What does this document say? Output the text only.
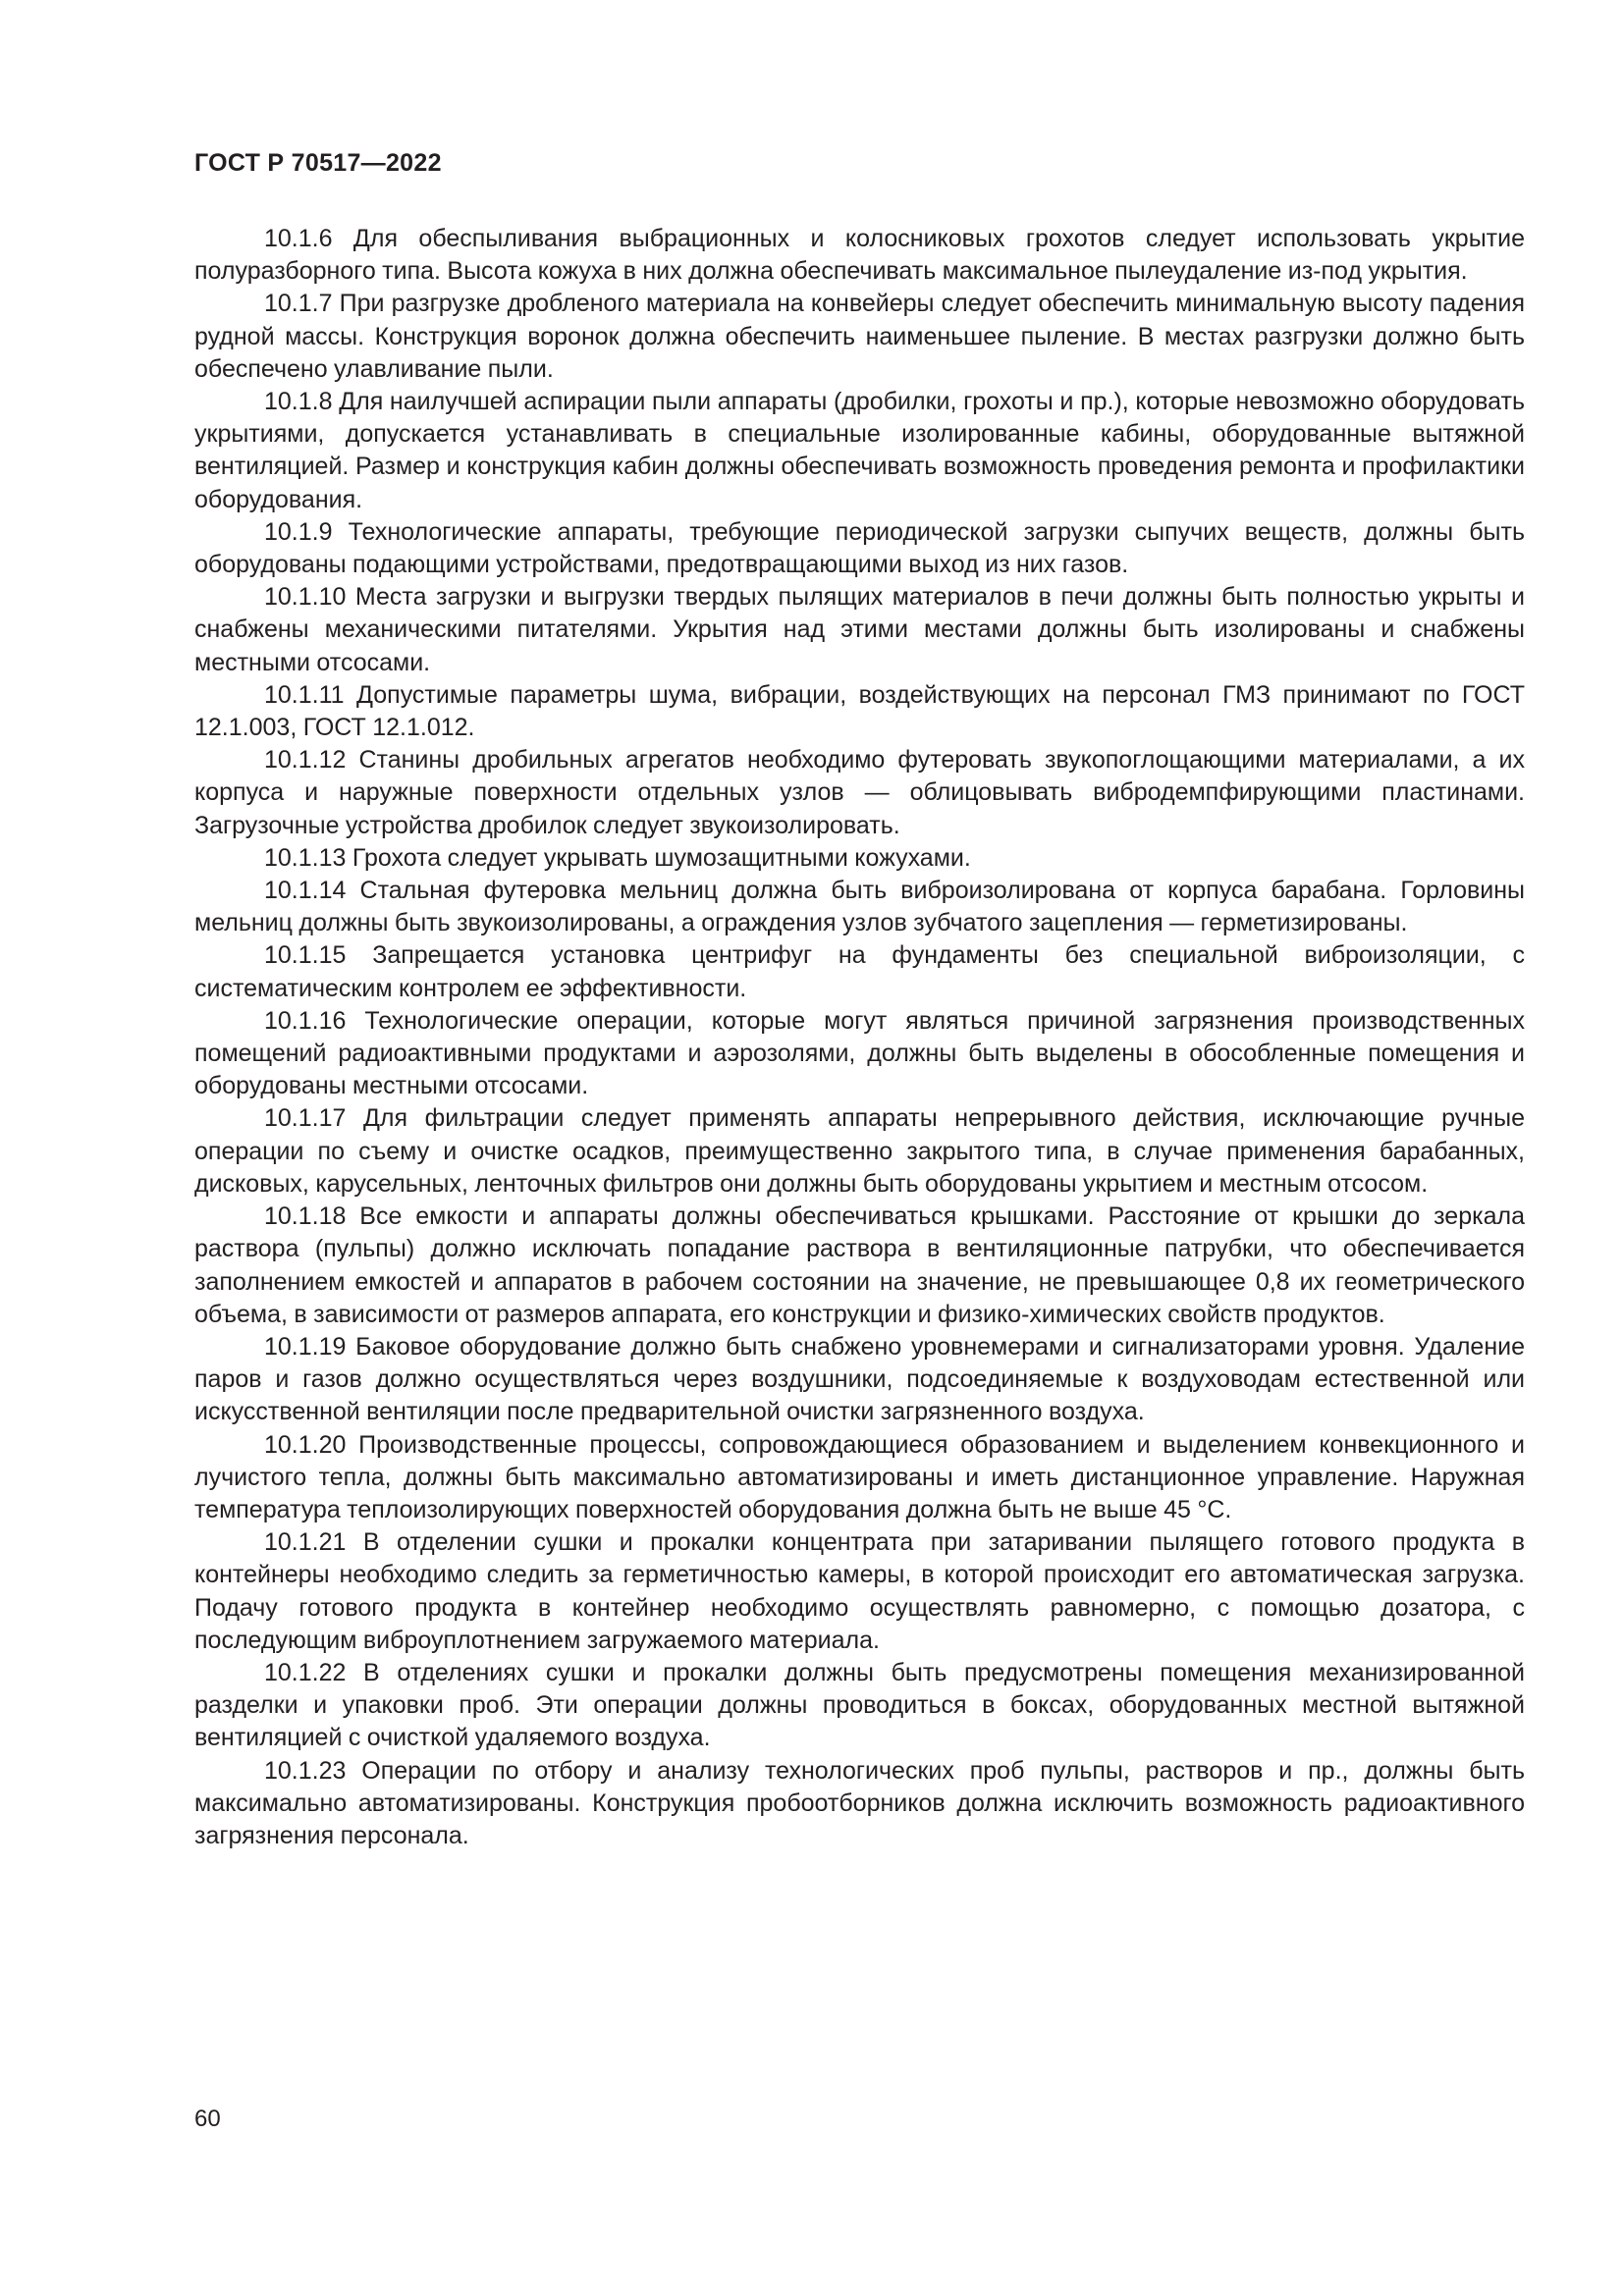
ГОСТ Р 70517—2022

10.1.6 Для обеспыливания выбрационных и колосниковых грохотов следует использовать укрытие полуразборного типа. Высота кожуха в них должна обеспечивать максимальное пылеудаление из-под укрытия.

10.1.7 При разгрузке дробленого материала на конвейеры следует обеспечить минимальную высоту падения рудной массы. Конструкция воронок должна обеспечить наименьшее пыление. В местах разгрузки должно быть обеспечено улавливание пыли.

10.1.8 Для наилучшей аспирации пыли аппараты (дробилки, грохоты и пр.), которые невозможно оборудовать укрытиями, допускается устанавливать в специальные изолированные кабины, оборудованные вытяжной вентиляцией. Размер и конструкция кабин должны обеспечивать возможность проведения ремонта и профилактики оборудования.

10.1.9 Технологические аппараты, требующие периодической загрузки сыпучих веществ, должны быть оборудованы подающими устройствами, предотвращающими выход из них газов.

10.1.10 Места загрузки и выгрузки твердых пылящих материалов в печи должны быть полностью укрыты и снабжены механическими питателями. Укрытия над этими местами должны быть изолированы и снабжены местными отсосами.

10.1.11 Допустимые параметры шума, вибрации, воздействующих на персонал ГМЗ принимают по ГОСТ 12.1.003, ГОСТ 12.1.012.

10.1.12 Станины дробильных агрегатов необходимо футеровать звукопоглощающими материалами, а их корпуса и наружные поверхности отдельных узлов — облицовывать вибродемпфирующими пластинами. Загрузочные устройства дробилок следует звукоизолировать.

10.1.13 Грохота следует укрывать шумозащитными кожухами.

10.1.14 Стальная футеровка мельниц должна быть виброизолирована от корпуса барабана. Горловины мельниц должны быть звукоизолированы, а ограждения узлов зубчатого зацепления — герметизированы.

10.1.15 Запрещается установка центрифуг на фундаменты без специальной виброизоляции, с систематическим контролем ее эффективности.

10.1.16 Технологические операции, которые могут являться причиной загрязнения производственных помещений радиоактивными продуктами и аэрозолями, должны быть выделены в обособленные помещения и оборудованы местными отсосами.

10.1.17 Для фильтрации следует применять аппараты непрерывного действия, исключающие ручные операции по съему и очистке осадков, преимущественно закрытого типа, в случае применения барабанных, дисковых, карусельных, ленточных фильтров они должны быть оборудованы укрытием и местным отсосом.

10.1.18 Все емкости и аппараты должны обеспечиваться крышками. Расстояние от крышки до зеркала раствора (пульпы) должно исключать попадание раствора в вентиляционные патрубки, что обеспечивается заполнением емкостей и аппаратов в рабочем состоянии на значение, не превышающее 0,8 их геометрического объема, в зависимости от размеров аппарата, его конструкции и физико-химических свойств продуктов.

10.1.19 Баковое оборудование должно быть снабжено уровнемерами и сигнализаторами уровня. Удаление паров и газов должно осуществляться через воздушники, подсоединяемые к воздуховодам естественной или искусственной вентиляции после предварительной очистки загрязненного воздуха.

10.1.20 Производственные процессы, сопровождающиеся образованием и выделением конвекционного и лучистого тепла, должны быть максимально автоматизированы и иметь дистанционное управление. Наружная температура теплоизолирующих поверхностей оборудования должна быть не выше 45 °С.

10.1.21 В отделении сушки и прокалки концентрата при затаривании пылящего готового продукта в контейнеры необходимо следить за герметичностью камеры, в которой происходит его автоматическая загрузка. Подачу готового продукта в контейнер необходимо осуществлять равномерно, с помощью дозатора, с последующим виброуплотнением загружаемого материала.

10.1.22 В отделениях сушки и прокалки должны быть предусмотрены помещения механизированной разделки и упаковки проб. Эти операции должны проводиться в боксах, оборудованных местной вытяжной вентиляцией с очисткой удаляемого воздуха.

10.1.23 Операции по отбору и анализу технологических проб пульпы, растворов и пр., должны быть максимально автоматизированы. Конструкция пробоотборников должна исключить возможность радиоактивного загрязнения персонала.

60
